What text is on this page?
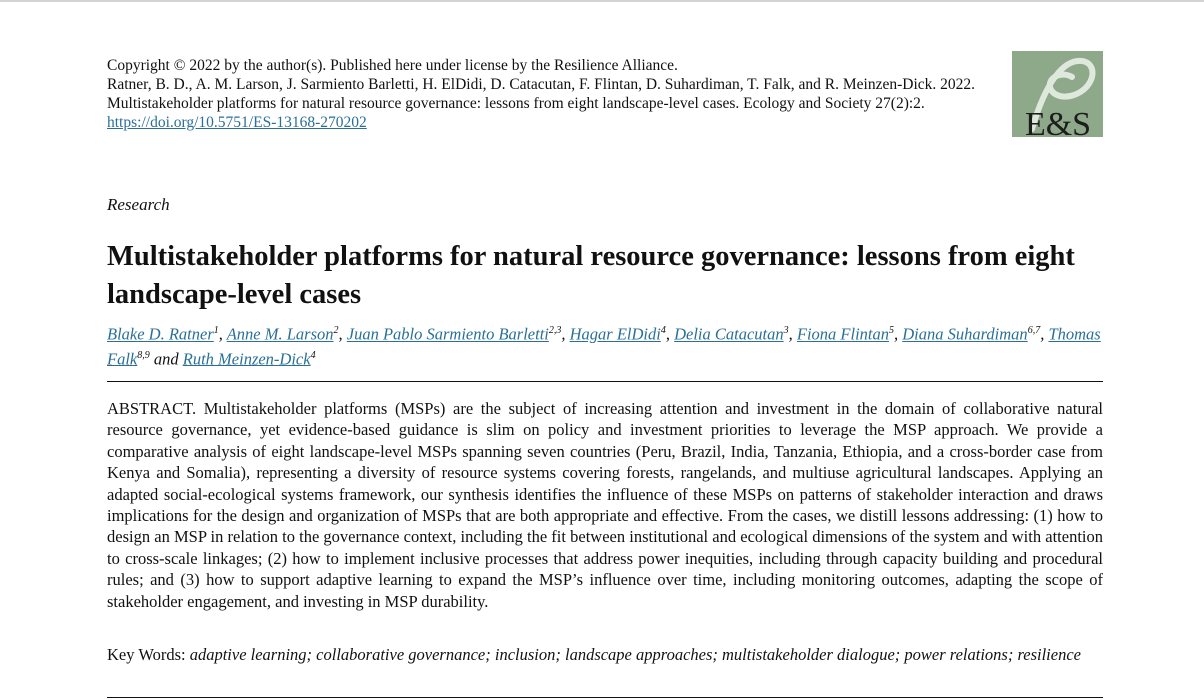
Copyright © 2022 by the author(s). Published here under license by the Resilience Alliance.
Ratner, B. D., A. M. Larson, J. Sarmiento Barletti, H. ElDidi, D. Catacutan, F. Flintan, D. Suhardiman, T. Falk, and R. Meinzen-Dick. 2022. Multistakeholder platforms for natural resource governance: lessons from eight landscape-level cases. Ecology and Society 27(2):2. https://doi.org/10.5751/ES-13168-270202	E&S
Research
Multistakeholder platforms for natural resource governance: lessons from eight landscape-level cases
Blake D. Ratner$^1$, Anne M. Larson$^2$, Juan Pablo Sarmiento Barletti$^{2,3}$, Hagar ElDidi$^4$, Delia Catacutan$^3$, Fiona Flintan$^5$, Diana Suhardiman$^{6,7}$, Thomas Falk$^{8,9}$ and Ruth Meinzen-Dick$^4$

ABSTRACT. Multistakeholder platforms (MSPs) are the subject of increasing attention and investment in the domain of collaborative natural resource governance, yet evidence-based guidance is slim on policy and investment priorities to leverage the MSP approach. We provide a comparative analysis of eight landscape-level MSPs spanning seven countries (Peru, Brazil, India, Tanzania, Ethiopia, and a cross-border case from Kenya and Somalia), representing a diversity of resource systems covering forests, rangelands, and multiuse agricultural landscapes. Applying an adapted social-ecological systems framework, our synthesis identifies the influence of these MSPs on patterns of stakeholder interaction and draws implications for the design and organization of MSPs that are both appropriate and effective. From the cases, we distill lessons addressing: (1) how to design an MSP in relation to the governance context, including the fit between institutional and ecological dimensions of the system and with attention to cross-scale linkages; (2) how to implement inclusive processes that address power inequities, including through capacity building and procedural rules; and (3) how to support adaptive learning to expand the MSP’s influence over time, including monitoring outcomes, adapting the scope of stakeholder engagement, and investing in MSP durability.

Key Words: adaptive learning; collaborative governance; inclusion; landscape approaches; multistakeholder dialogue; power relations; resilience
